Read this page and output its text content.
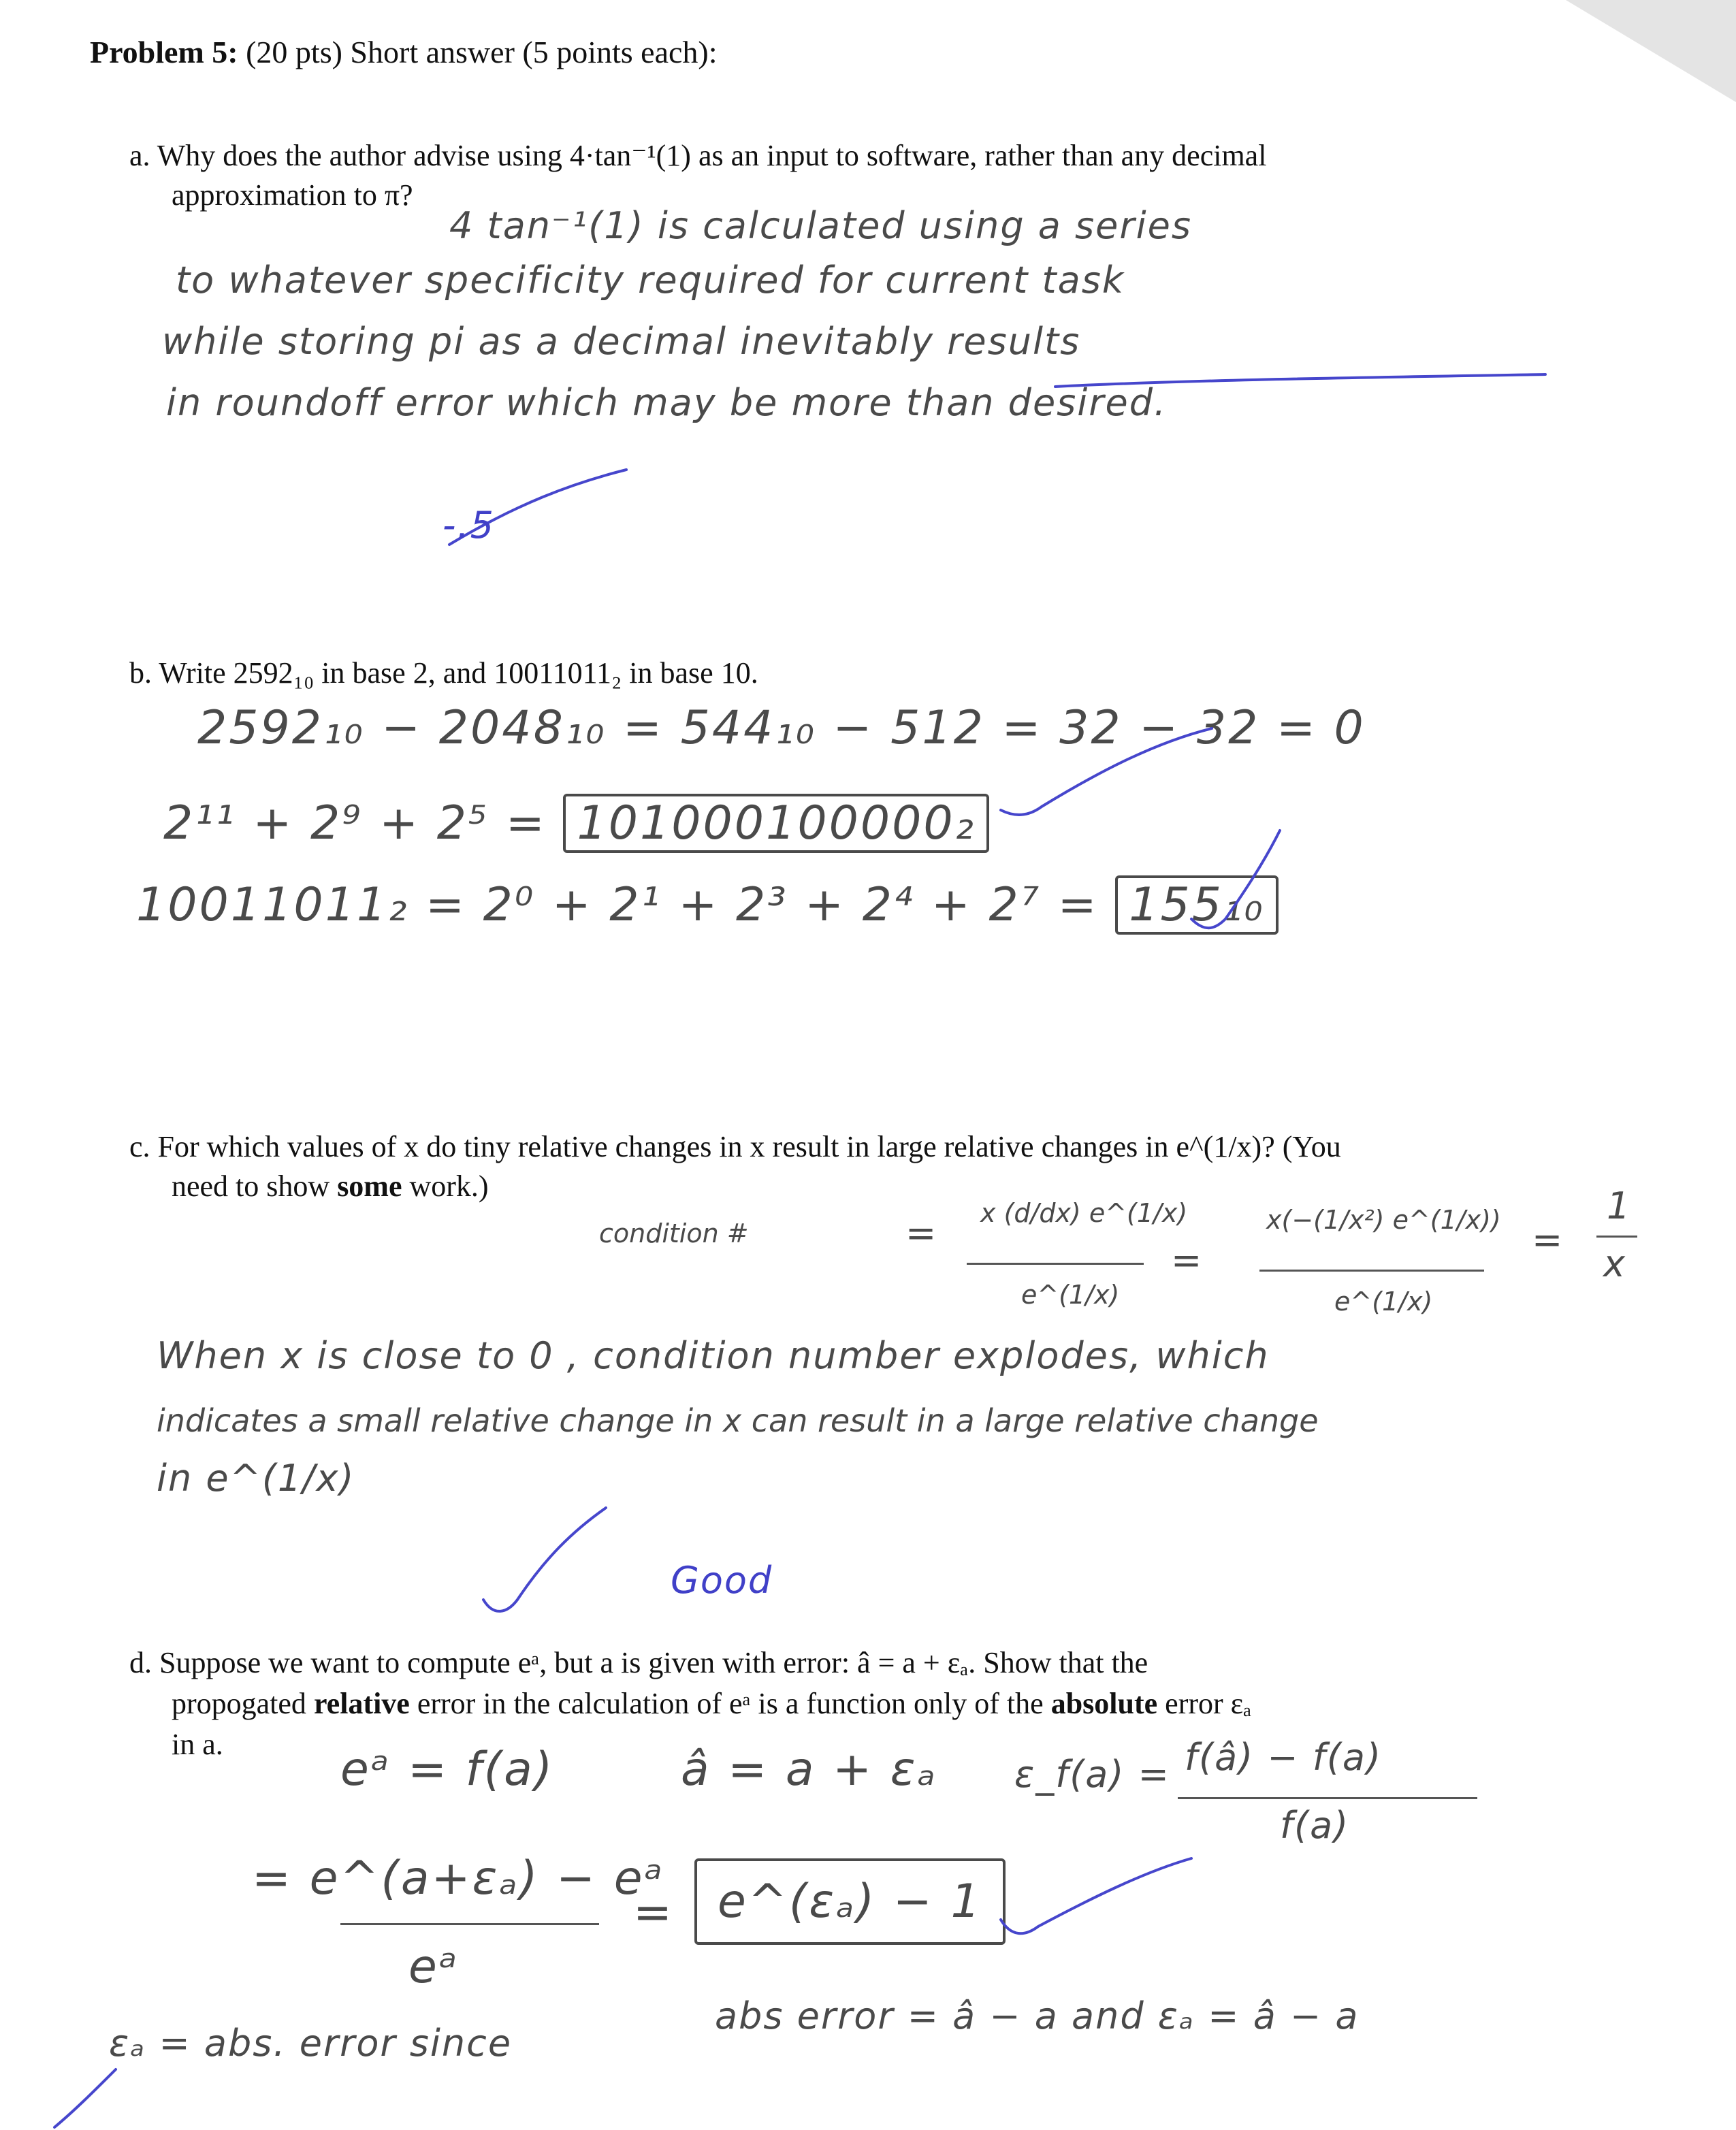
Problem 5: (20 pts) Short answer (5 points each):
a. Why does the author advise using 4·tan⁻¹(1) as an input to software, rather than any decimal
approximation to π?
4 tan⁻¹(1) is calculated using a series
to whatever specificity required for current task
while storing pi as a decimal inevitably results
in roundoff error which may be more than desired.
-.5
b. Write 2592₁₀ in base 2, and 10011011₂ in base 10.
2592₁₀ − 2048₁₀ = 544₁₀ − 512 = 32 − 32 = 0
2¹¹ + 2⁹ + 2⁵ = 101000100000₂
10011011₂ = 2⁰ + 2¹ + 2³ + 2⁴ + 2⁷ = 155₁₀
c. For which values of x do tiny relative changes in x result in large relative changes in e^(1/x)? (You
need to show some work.)
condition #	= x (d/dx) e^(1/x)
e^(1/x)
=
x(−(1/x²) e^(1/x))
e^(1/x)
=
1
x
When x is close to 0 , condition number explodes, which
indicates a small relative change in x can result in a large relative change
in e^(1/x)
Good
d. Suppose we want to compute eᵃ, but a is given with error: â = a + εₐ. Show that the
propogated relative error in the calculation of eᵃ is a function only of the absolute error εₐ
in a.	eᵃ = f(a)	â = a + εₐ ε_f(a) = f(â) − f(a)
f(a)
= e^(a+εₐ) − eᵃ
eᵃ
= e^(εₐ) − 1
εₐ = abs. error since
abs error = â − a and εₐ = â − a
